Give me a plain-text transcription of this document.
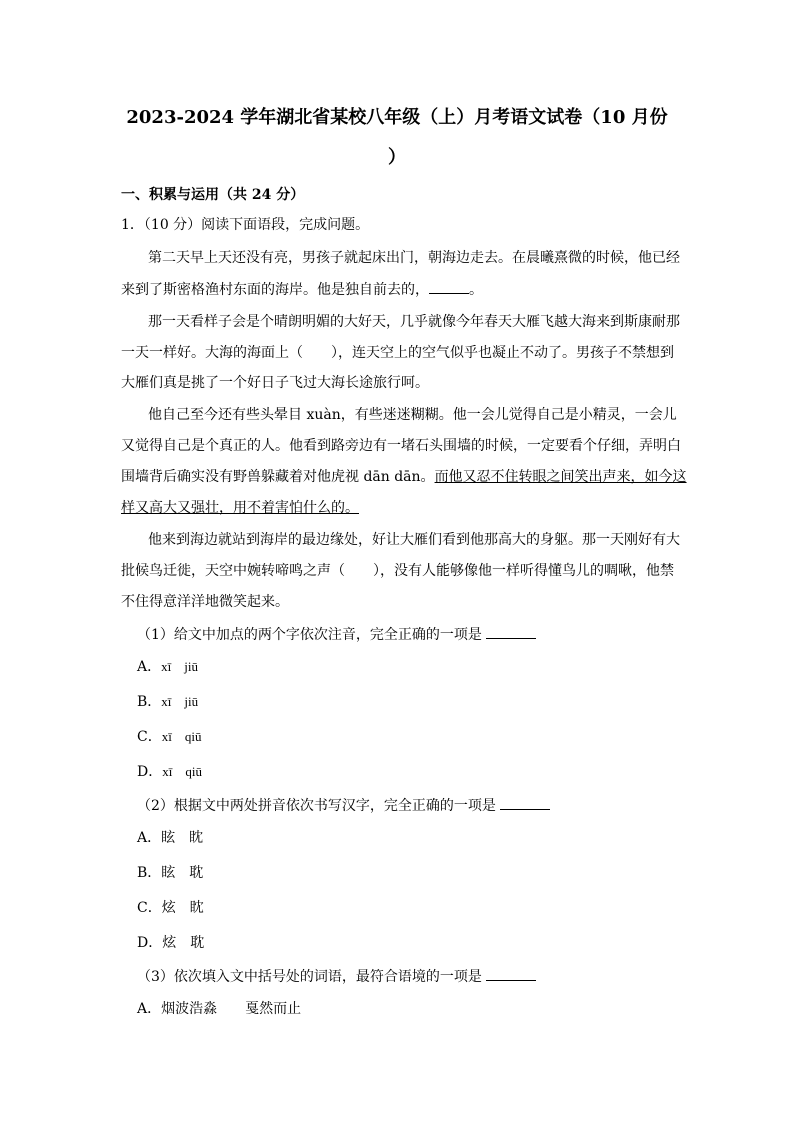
2023-2024 学年湖北省某校八年级（上）月考语文试卷（10 月份
）
一、积累与运用（共 24 分）
1．（10 分）阅读下面语段，完成问题。
第二天早上天还没有亮，男孩子就起床出门，朝海边走去。在晨曦熹微的时候，他已经
来到了斯密格渔村东面的海岸。他是独自前去的，	。
那一天看样子会是个晴朗明媚的大好天，几乎就像今年春天大雁飞越大海来到斯康耐那
一天一样好。大海的海面上（　　），连天空上的空气似乎也凝止不动了。男孩子不禁想到
大雁们真是挑了一个好日子飞过大海长途旅行呵。
他自己至今还有些头晕目 xuàn，有些迷迷糊糊。他一会儿觉得自己是小精灵，一会儿
又觉得自己是个真正的人。他看到路旁边有一堵石头围墙的时候，一定要看个仔细，弄明白
围墙背后确实没有野兽躲藏着对他虎视 dān dān。而他又忍不住转眼之间笑出声来，如今这
样又高大又强壮，用不着害怕什么的。
他来到海边就站到海岸的最边缘处，好让大雁们看到他那高大的身躯。那一天刚好有大
批候鸟迁徙，天空中婉转啼鸣之声（　　），没有人能够像他一样听得懂鸟儿的啁啾，他禁
不住得意洋洋地微笑起来。
（1）给文中加点的两个字依次注音，完全正确的一项是
A．xī　jiū
B．xī　jiū
C．xī　qiū
D．xī　qiū
（2）根据文中两处拼音依次书写汉字，完全正确的一项是
A．眩　眈
B．眩　耽
C．炫　眈
D．炫　耽
（3）依次填入文中括号处的词语，最符合语境的一项是
A．烟波浩淼　　戛然而止
